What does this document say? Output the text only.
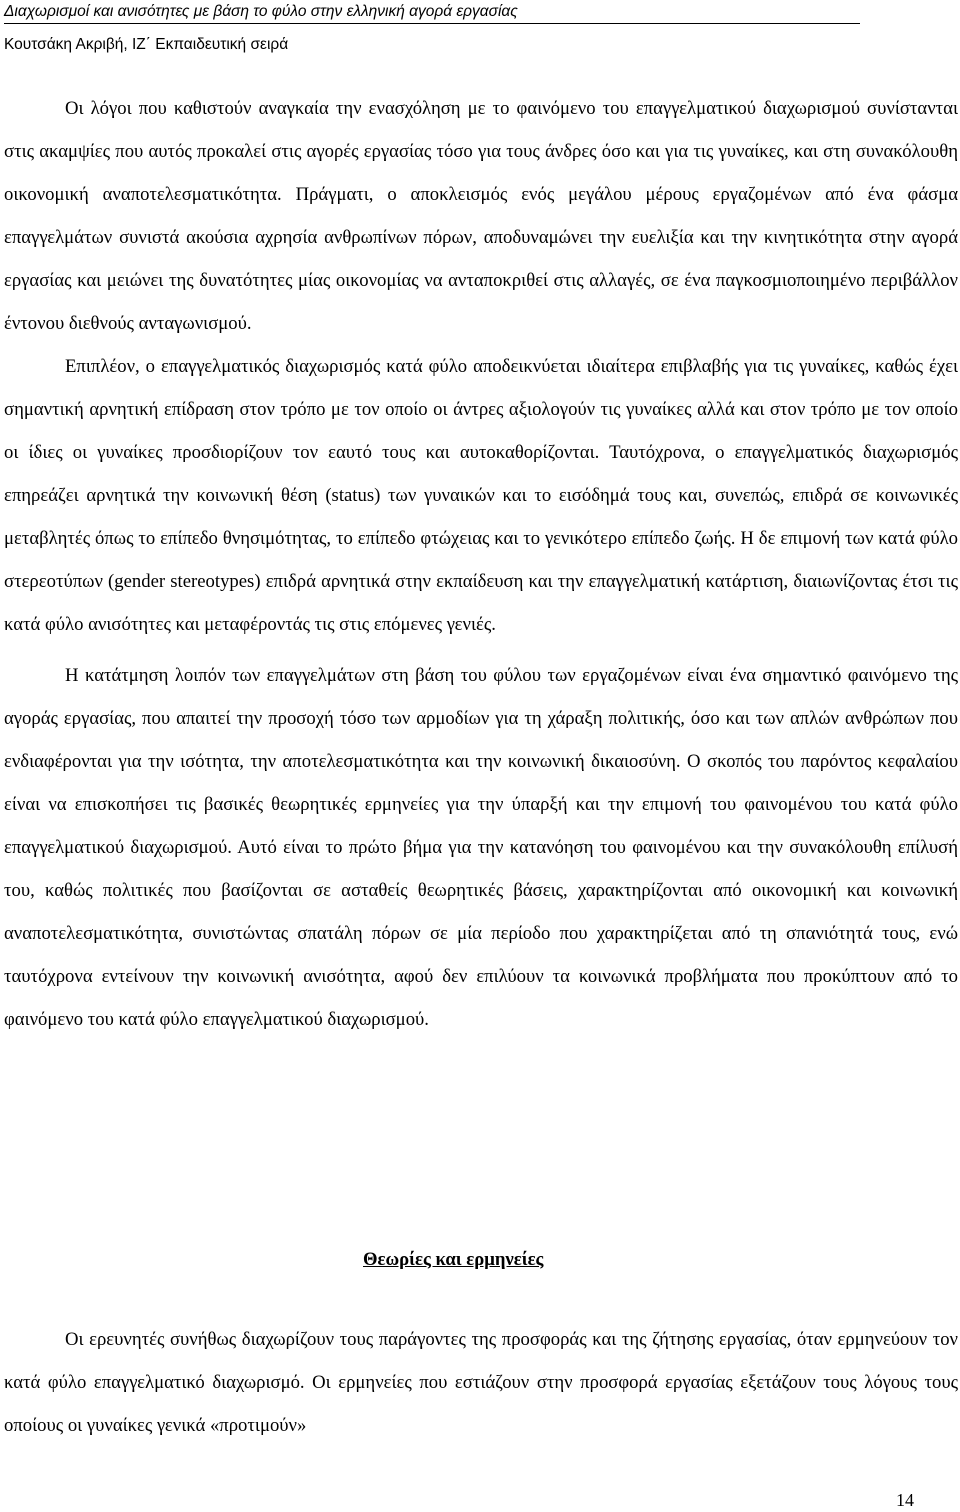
Διαχωρισμοί και ανισότητες με βάση το φύλο στην ελληνική αγορά εργασίας
Κουτσάκη Ακριβή, ΙΖ΄ Εκπαιδευτική σειρά

Οι λόγοι που καθιστούν αναγκαία την ενασχόληση με το φαινόμενο του επαγγελματικού διαχωρισμού συνίστανται στις ακαμψίες που αυτός προκαλεί στις αγορές εργασίας τόσο για τους άνδρες όσο και για τις γυναίκες, και στη συνακόλουθη οικονομική αναποτελεσματικότητα. Πράγματι, ο αποκλεισμός ενός μεγάλου μέρους εργαζομένων από ένα φάσμα επαγγελμάτων συνιστά ακούσια αχρησία ανθρωπίνων πόρων, αποδυναμώνει την ευελιξία και την κινητικότητα στην αγορά εργασίας και μειώνει της δυνατότητες μίας οικονομίας να ανταποκριθεί στις αλλαγές, σε ένα παγκοσμιοποιημένο περιβάλλον έντονου διεθνούς ανταγωνισμού.

Επιπλέον, ο επαγγελματικός διαχωρισμός κατά φύλο αποδεικνύεται ιδιαίτερα επιβλαβής για τις γυναίκες, καθώς έχει σημαντική αρνητική επίδραση στον τρόπο με τον οποίο οι άντρες αξιολογούν τις γυναίκες αλλά και στον τρόπο με τον οποίο οι ίδιες οι γυναίκες προσδιορίζουν τον εαυτό τους και αυτοκαθορίζονται. Ταυτόχρονα, ο επαγγελματικός διαχωρισμός επηρεάζει αρνητικά την κοινωνική θέση (status) των γυναικών και το εισόδημά τους και, συνεπώς, επιδρά σε κοινωνικές μεταβλητές όπως το επίπεδο θνησιμότητας, το επίπεδο φτώχειας και το γενικότερο επίπεδο ζωής. Η δε επιμονή των κατά φύλο στερεοτύπων (gender stereotypes) επιδρά αρνητικά στην εκπαίδευση και την επαγγελματική κατάρτιση, διαιωνίζοντας έτσι τις κατά φύλο ανισότητες και μεταφέροντάς τις στις επόμενες γενιές.

Η κατάτμηση λοιπόν των επαγγελμάτων στη βάση του φύλου των εργαζομένων είναι ένα σημαντικό φαινόμενο της αγοράς εργασίας, που απαιτεί την προσοχή τόσο των αρμοδίων για τη χάραξη πολιτικής, όσο και των απλών ανθρώπων που ενδιαφέρονται για την ισότητα, την αποτελεσματικότητα και την κοινωνική δικαιοσύνη. Ο σκοπός του παρόντος κεφαλαίου είναι να επισκοπήσει τις βασικές θεωρητικές ερμηνείες για την ύπαρξή και την επιμονή του φαινομένου του κατά φύλο επαγγελματικού διαχωρισμού. Αυτό είναι το πρώτο βήμα για την κατανόηση του φαινομένου και την συνακόλουθη επίλυσή του, καθώς πολιτικές που βασίζονται σε ασταθείς θεωρητικές βάσεις, χαρακτηρίζονται από οικονομική και κοινωνική αναποτελεσματικότητα, συνιστώντας σπατάλη πόρων σε μία περίοδο που χαρακτηρίζεται από τη σπανιότητά τους, ενώ ταυτόχρονα εντείνουν την κοινωνική ανισότητα, αφού δεν επιλύουν τα κοινωνικά προβλήματα που προκύπτουν από το φαινόμενο του κατά φύλο επαγγελματικού διαχωρισμού.

Θεωρίες και ερμηνείες

Οι ερευνητές συνήθως διαχωρίζουν τους παράγοντες της προσφοράς και της ζήτησης εργασίας, όταν ερμηνεύουν τον κατά φύλο επαγγελματικό διαχωρισμό. Οι ερμηνείες που εστιάζουν στην προσφορά εργασίας εξετάζουν τους λόγους τους οποίους οι γυναίκες γενικά «προτιμούν»

14
